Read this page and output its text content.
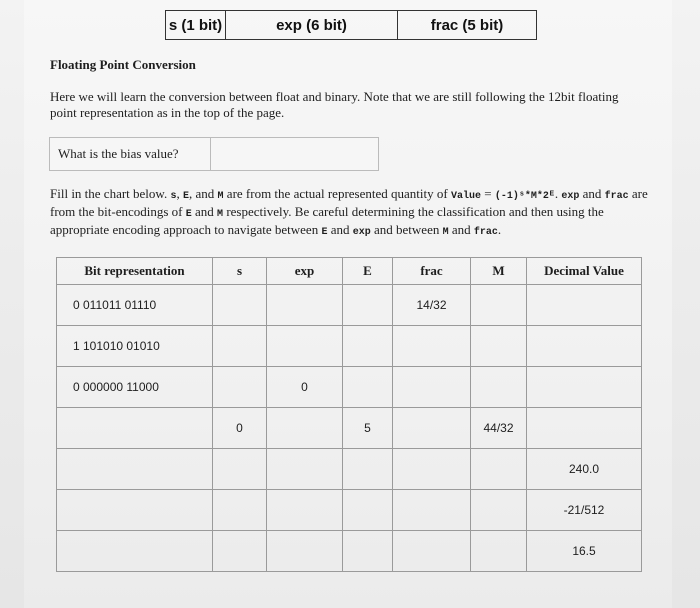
s (1 bit)	exp (6 bit)	frac (5 bit)
Floating Point Conversion
Here we will learn the conversion between float and binary. Note that we are still following the 12bit floating point representation as in the top of the page.
What is the bias value?
Fill in the chart below. s, E, and M are from the actual represented quantity of Value = (-1)ˢ*M*2ᴱ. exp and frac are from the bit-encodings of E and M respectively. Be careful determining the classification and then using the appropriate encoding approach to navigate between E and exp and between M and frac.
Bit representation	s	exp	E	frac	M	Decimal Value
0 011011 01110				14/32		
1 101010 01010						
0 000000 11000		0				
	0		5		44/32	
						240.0
						-21/512
						16.5
